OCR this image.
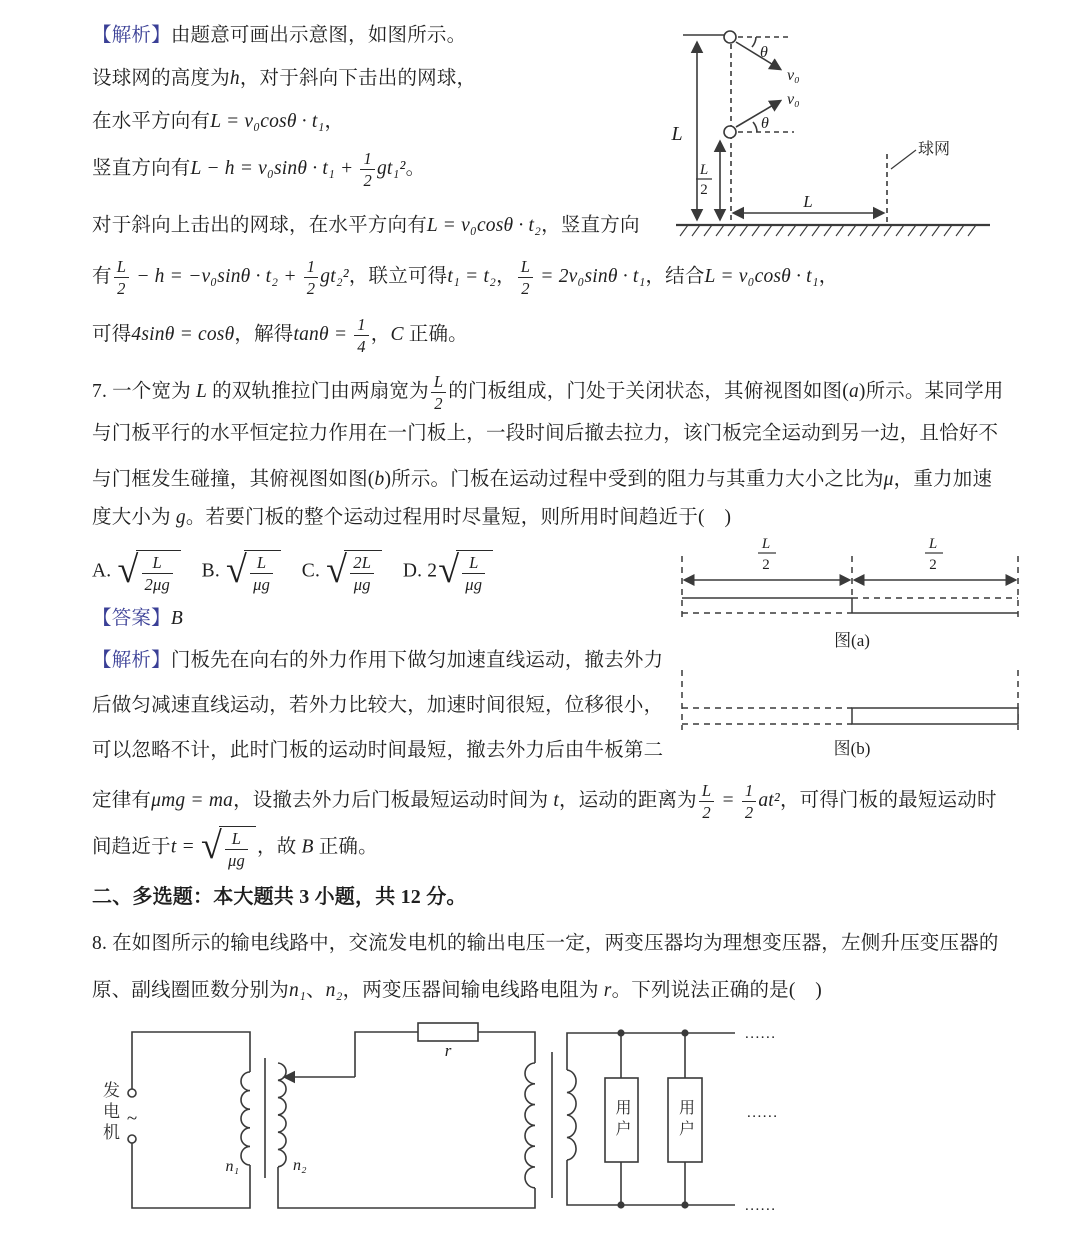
【解析】由题意可画出示意图，如图所示。
设球网的高度为h，对于斜向下击出的网球，
在水平方向有L = v₀cosθ · t₁，
竖直方向有$L - h = v_0\sin\theta \cdot t_1 + \frac{1}{2} gt_1^2$。
对于斜向上击出的网球，在水平方向有L = v₀cosθ · t₂，竖直方向
有 $\frac{L}{2} - h = -v_0\sin\theta \cdot t_2 + \frac{1}{2} gt_2^2$，联立可得t₁ = t₂， $\frac{L}{2} = 2v_0\sin\theta \cdot t_1$，结合L = v₀cosθ · t₁，
可得4sinθ = cosθ，解得$\tan\theta = \frac{1}{4}$ ，C 正确。
7. 一个宽为 L 的双轨推拉门由两扇宽为 $\frac{L}{2}$ 的门板组成，门处于关闭状态，其俯视图如图(a)所示。某同学用
与门板平行的水平恒定拉力作用在一门板上，一段时间后撤去拉力，该门板完全运动到另一边，且恰好不
与门框发生碰撞，其俯视图如图(b)所示。门板在运动过程中受到的阻力与其重力大小之比为μ，重力加速
度大小为 g。若要门板的整个运动过程用时尽量短，则所用时间趋近于(　)
A. √ $\frac{L}{2\mu g}$  B. √ $\frac{L}{\mu g}$  C. √ $\frac{2L}{\mu g}$  D. 2 √ $\frac{L}{\mu g}$
【答案】B
【解析】门板先在向右的外力作用下做匀加速直线运动，撤去外力
后做匀减速直线运动，若外力比较大，加速时间很短，位移很小，
可以忽略不计，此时门板的运动时间最短，撤去外力后由牛板第二
定律有μmg = ma，设撤去外力后门板最短运动时间为 t，运动的距离为 $\frac{L}{2} = \frac{1}{2} at^2$，可得门板的最短运动时
间趋近于t = √ $\frac{L}{\mu g}$ ，故 B 正确。
二、多选题：本大题共 3 小题，共 12 分。
8. 在如图所示的输电线路中，交流发电机的输出电压一定，两变压器均为理想变压器，左侧升压变压器的
原、副线圈匝数分别为n₁、n₂，两变压器间输电线路电阻为 r。下列说法正确的是(　)
L
L
2
θ
θ
v₀
v₀
球网
L
L
2
L
2
图(a)
图(b)
~
n₁	n₂
r
......
......
......
发电机	用户	用户
